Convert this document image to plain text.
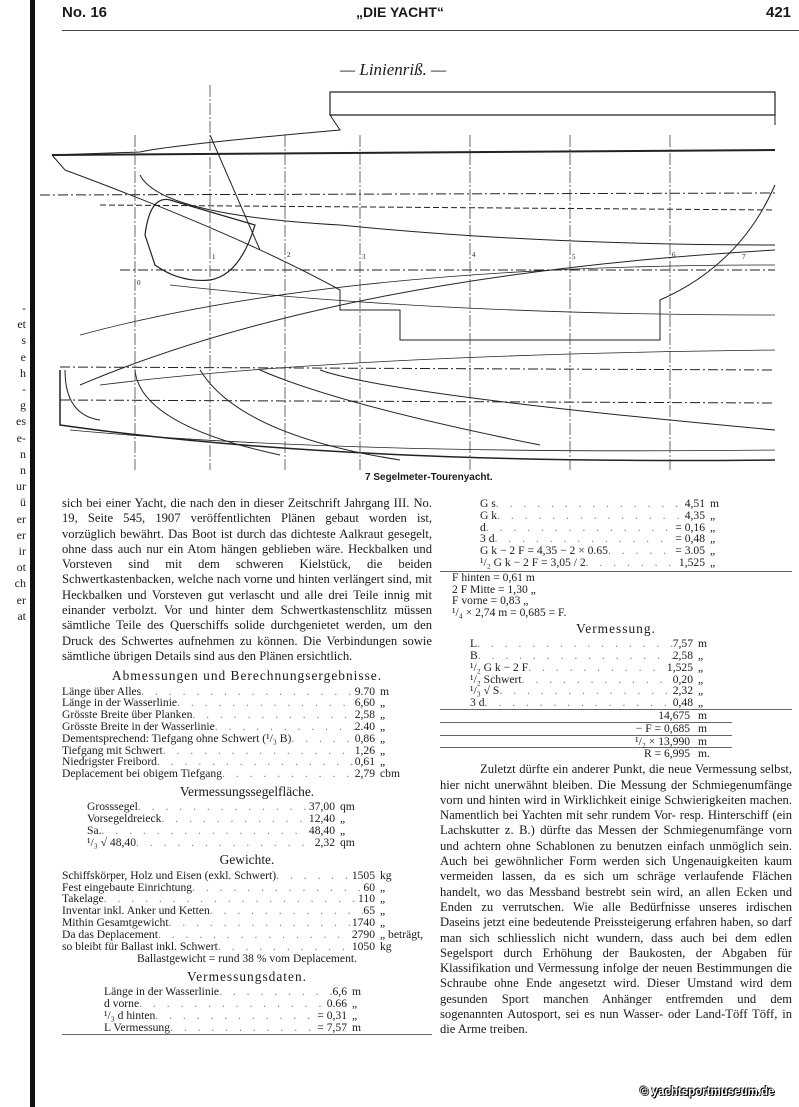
-
et
s
e
h
-
g
es
e-
n
n
ur
ü
er
er
ir
ot
ch
er
at
No. 16	„DIE YACHT“	421
— Linienriß. —
0
1	2	3	4	5	6	7
7 Segelmeter-Tourenyacht.

sich bei einer Yacht, die nach den in dieser Zeitschrift Jahrgang III. No. 19, Seite 545, 1907 veröffentlichten Plänen gebaut worden ist, vorzüglich bewährt. Das Boot ist durch das dichteste Aalkraut gesegelt, ohne dass auch nur ein Atom hängen geblieben wäre. Heckbalken und Vorsteven sind mit dem schweren Kielstück, die beiden Schwertkastenbacken, welche nach vorne und hinten verlängert sind, mit Heckbalken und Vorsteven gut verlascht und alle drei Teile innig mit einander verbolzt. Vor und hinter dem Schwertkastenschlitz müssen sämtliche Teile des Querschiffs solide durchgenietet werden, um den Druck des Schwertes aufnehmen zu können. Die Verbindungen sowie sämtliche übrigen Details sind aus den Plänen ersichtlich.

Abmessungen und Berechnungsergebnisse.
Länge über Alles . . .	9.70 m
Länge in der Wasserlinie . . .	6,60 „
Grösste Breite über Planken . . .	2,58 „
Grösste Breite in der Wasserlinie . . .	2.40 „
Dementsprechend: Tiefgang ohne Schwert (¹/₃ B) . . .	0,86 „
Tiefgang mit Schwert . . .	1,26 „
Niedrigster Freibord . . .	0,61 „
Deplacement bei obigem Tiefgang . . .	2,79 cbm
Vermessungssegelfläche.
Grosssegel . . .	37,00 qm
Vorsegeldreieck . . .	12,40 „
Sa. . . .	48,40 „
¹/₃ √ 48,40 . . .	2,32 qm
Gewichte.
Schiffskörper, Holz und Eisen (exkl. Schwert) . . .	1505 kg
Fest eingebaute Einrichtung . . .	60 „
Takelage . . .	110 „
Inventar inkl. Anker und Ketten . . .	65 „
Mithin Gesamtgewicht . . .	1740 „
Da das Deplacement . . .	2790 „ beträgt,
so bleibt für Ballast inkl. Schwert . . .	1050 kg
Ballastgewicht = rund 38 % vom Deplacement.
Vermessungsdaten.
Länge in der Wasserlinie . . .	6,6 m
d vorne . . .	0.66 „
¹/₃ d hinten . . .	= 0,31 „
L Vermessung . . .	= 7,57 m
G s . . .	4,51 m
G k . . .	4,35 „
d . . .	= 0,16 „
3 d . . .	= 0,48 „
G k − 2 F = 4,35 − 2 × 0.65 . . .	= 3.05 „
¹/₂ G k − 2 F = 3,05 / 2 . . .	1,525 „
F hinten = 0,61 m
2 F Mitte = 1,30 „
F vorne = 0,83 „
¹/₄ × 2,74 m = 0,685 = F.
Vermessung.
L . . .	7,57 m
B . . .	2,58 „
¹/₂ G k − 2 F . . .	1,525 „
¹/₂ Schwert . . .	0,20 „
¹/₃ √ S . . .	2,32 „
3 d . . .	0,48 „
14,675 m
− F = 0,685 m
¹/₂ × 13,990 m
R = 6,995 m.

Zuletzt dürfte ein anderer Punkt, die neue Vermessung selbst, hier nicht unerwähnt bleiben. Die Messung der Schmiegenumfänge vorn und hinten wird in Wirklichkeit einige Schwierigkeiten machen. Namentlich bei Yachten mit sehr rundem Vor- resp. Hinterschiff (ein Lachskutter z. B.) dürfte das Messen der Schmiegenumfänge vorn und achtern ohne Schablonen zu benutzen einfach unmöglich sein. Auch bei gewöhnlicher Form werden sich Ungenauigkeiten kaum vermeiden lassen, da es sich um schräge verlaufende Flächen handelt, wo das Messband bestrebt sein wird, an allen Ecken und Enden zu verrutschen. Wie alle Bedürfnisse unseres irdischen Daseins jetzt eine bedeutende Preissteigerung erfahren haben, so darf man sich schliesslich nicht wundern, dass auch bei dem edlen Segelsport durch Erhöhung der Baukosten, der Abgaben für Klassifikation und Vermessung infolge der neuen Bestimmungen die Schraube ohne Ende angesetzt wird. Dieser Umstand wird dem gesunden Sport manchen Anhänger entfremden und dem sogenannten Autosport, sei es nun Wasser- oder Land-Töff Töff, in die Arme treiben.

© yachtsportmuseum.de
